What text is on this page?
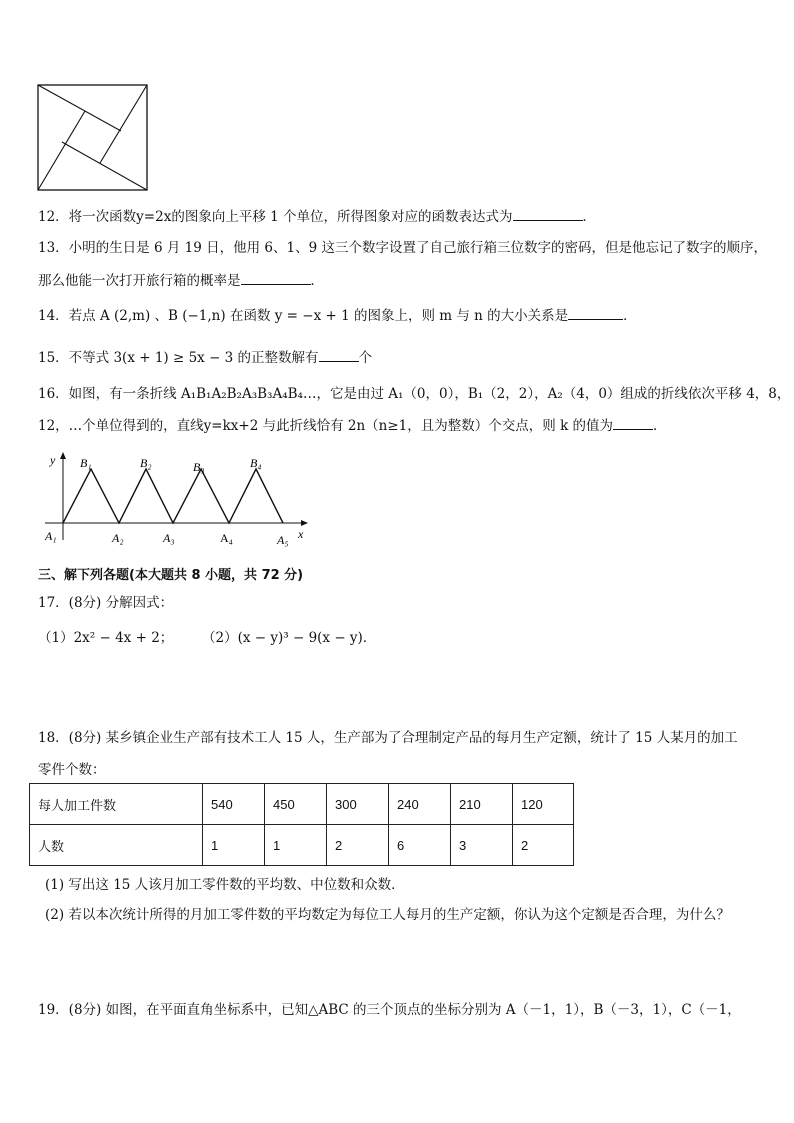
12．将一次函数y=2x的图象向上平移 1 个单位，所得图象对应的函数表达式为	．
13．小明的生日是 6 月 19 日，他用 6、1、9 这三个数字设置了自己旅行箱三位数字的密码，但是他忘记了数字的顺序，
那么他能一次打开旅行箱的概率是	．
14．若点 A (2,m) 、B (−1,n) 在函数 y = −x + 1 的图象上，则 m 与 n 的大小关系是	．
15．不等式 3(x + 1) ≥ 5x − 3 的正整数解有	个
16．如图，有一条折线 A₁B₁A₂B₂A₃B₃A₄B₄…，它是由过 A₁（0，0），B₁（2，2），A₂（4，0）组成的折线依次平移 4，8，
12，…个单位得到的，直线y=kx+2 与此折线恰有 2n（n≥1，且为整数）个交点，则 k 的值为	．
y
x
B₁	B₂	B₃	B₄
A₁	A₂	A₃	A₄	A₅
三、解下列各题(本大题共 8 小题，共 72 分)
17．(8分) 分解因式：
（1）2x² − 4x + 2； （2）(x − y)³ − 9(x − y)．
18．(8分) 某乡镇企业生产部有技术工人 15 人，生产部为了合理制定产品的每月生产定额，统计了 15 人某月的加工
零件个数：
每人加工件数	540	450	300	240	210	120
人数	1	1	2	6	3	2
(1) 写出这 15 人该月加工零件数的平均数、中位数和众数．
(2) 若以本次统计所得的月加工零件数的平均数定为每位工人每月的生产定额，你认为这个定额是否合理，为什么？
19．(8分) 如图，在平面直角坐标系中，已知△ABC 的三个顶点的坐标分别为 A（－1，1），B（－3，1），C（－1，
